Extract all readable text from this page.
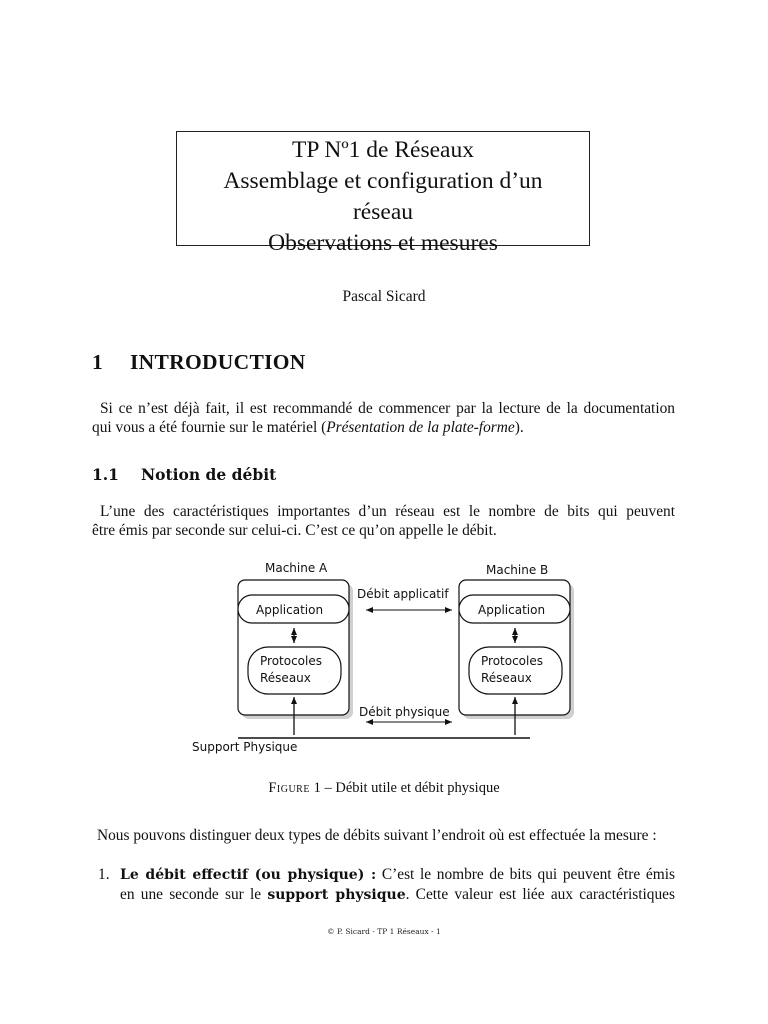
TP Nº1 de Réseaux
Assemblage et configuration d’un
réseau
Observations et mesures
Pascal Sicard
1 INTRODUCTION
Si ce n’est déjà fait, il est recommandé de commencer par la lecture de la documentation
qui vous a été fournie sur le matériel (Présentation de la plate-forme).
1.1 Notion de débit
L’une des caractéristiques importantes d’un réseau est le nombre de bits qui peuvent
être émis par seconde sur celui-ci. C’est ce qu’on appelle le débit.
Machine A
Application
Protocoles
Réseaux
Machine B
Application
Protocoles
Réseaux
Débit applicatif
Débit physique
Support Physique
Figure 1 – Débit utile et débit physique
Nous pouvons distinguer deux types de débits suivant l’endroit où est effectuée la mesure :
1. Le débit effectif (ou physique) : C’est le nombre de bits qui peuvent être émis
en une seconde sur le support physique. Cette valeur est liée aux caractéristiques
© P. Sicard - TP 1 Réseaux - 1
